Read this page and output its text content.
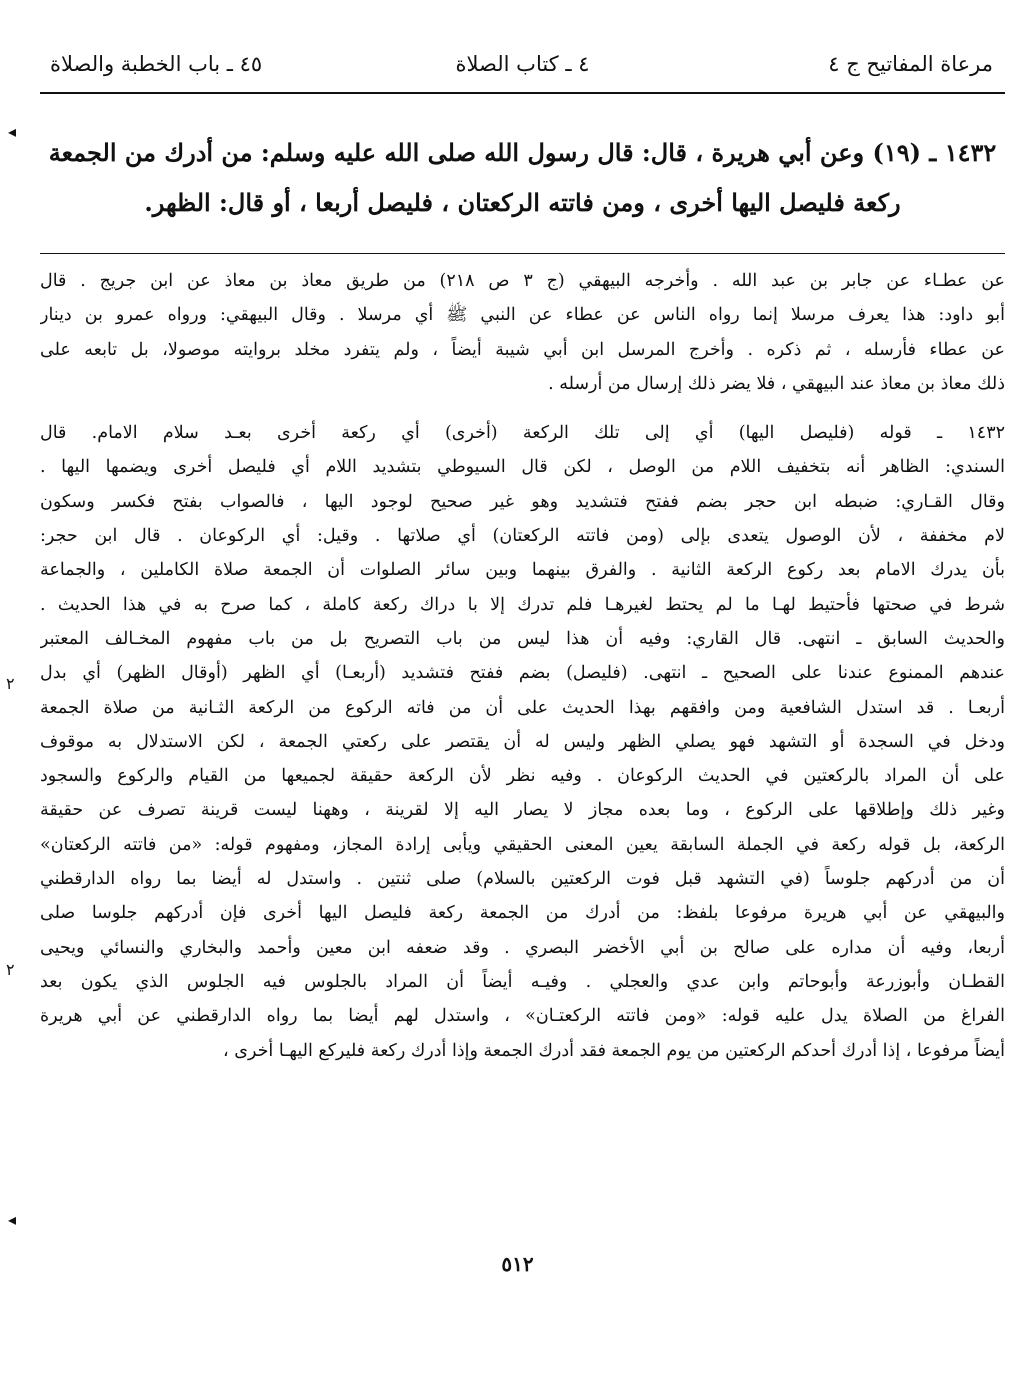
مرعاة المفاتيح ج ٤
٤ ـ كتاب الصلاة
٤٥ ـ باب الخطبة والصلاة
١٤٣٢ ـ (١٩) وعن أبي هريرة ، قال: قال رسول الله صلى الله عليه وسلم: من أدرك من الجمعة
ركعة فليصل اليها أخرى ، ومن فاتته الركعتان ، فليصل أربعا ، أو قال: الظهر.
عن عطـاء عن جابر بن عبد الله . وأخرجه البيهقي (ج ٣ ص ٢١٨) من طريق معاذ بن معاذ عن ابن جريج . قال
أبو داود: هذا يعرف مرسلا إنما رواه الناس عن عطاء عن النبي ﷺ أي مرسلا . وقال البيهقي: ورواه عمرو بن دينار
عن عطاء فأرسله ، ثم ذكره . وأخرج المرسل ابن أبي شيبة أيضاً ، ولم يتفرد مخلد بروايته موصولا، بل تابعه على
ذلك معاذ بن معاذ عند البيهقي ، فلا يضر ذلك إرسال من أرسله .
١٤٣٢ ـ قوله (فليصل اليها) أي إلى تلك الركعة (أخرى) أي ركعة أخرى بعـد سلام الامام. قال
السندي: الظاهر أنه بتخفيف اللام من الوصل ، لكن قال السيوطي بتشديد اللام أي فليصل أخرى ويضمها اليها .
وقال القـاري: ضبطه ابن حجر بضم ففتح فتشديد وهو غير صحيح لوجود اليها ، فالصواب بفتح فكسر وسكون
لام مخففة ، لأن الوصول يتعدى بإلى (ومن فاتته الركعتان) أي صلاتها . وقيل: أي الركوعان . قال ابن حجر:
بأن يدرك الامام بعد ركوع الركعة الثانية . والفرق بينهما وبين سائر الصلوات أن الجمعة صلاة الكاملين ، والجماعة
شرط في صحتها فأحتيط لهـا ما لم يحتط لغيرهـا فلم تدرك إلا با دراك ركعة كاملة ، كما صرح به في هذا الحديث .
والحديث السابق ـ انتهى. قال القاري: وفيه أن هذا ليس من باب التصريح بل من باب مفهوم المخـالف المعتبر
عندهم الممنوع عندنا على الصحيح ـ انتهى. (فليصل) بضم ففتح فتشديد (أربعـا) أي الظهر (أوقال الظهر) أي بدل
أربعـا . قد استدل الشافعية ومن وافقهم بهذا الحديث على أن من فاته الركوع من الركعة الثـانية من صلاة الجمعة
ودخل في السجدة أو التشهد فهو يصلي الظهر وليس له أن يقتصر على ركعتي الجمعة ، لكن الاستدلال به موقوف
على أن المراد بالركعتين في الحديث الركوعان . وفيه نظر لأن الركعة حقيقة لجميعها من القيام والركوع والسجود
وغير ذلك وإطلاقها على الركوع ، وما بعده مجاز لا يصار اليه إلا لقرينة ، وههنا ليست قرينة تصرف عن حقيقة
الركعة، بل قوله ركعة في الجملة السابقة يعين المعنى الحقيقي ويأبى إرادة المجاز، ومفهوم قوله: «من فاتته الركعتان»
أن من أدركهم جلوساً (في التشهد قبل فوت الركعتين بالسلام) صلى ثنتين . واستدل له أيضا بما رواه الدارقطني
والبيهقي عن أبي هريرة مرفوعا بلفظ: من أدرك من الجمعة ركعة فليصل اليها أخرى فإن أدركهم جلوسا صلى
أربعا، وفيه أن مداره على صالح بن أبي الأخضر البصري . وقد ضعفه ابن معين وأحمد والبخاري والنسائي ويحيى
القطـان وأبوزرعة وأبوحاتم وابن عدي والعجلي . وفيـه أيضاً أن المراد بالجلوس فيه الجلوس الذي يكون بعد
الفراغ من الصلاة يدل عليه قوله: «ومن فاتته الركعتـان» ، واستدل لهم أيضا بما رواه الدارقطني عن أبي هريرة
أيضاً مرفوعا ، إذا أدرك أحدكم الركعتين من يوم الجمعة فقد أدرك الجمعة وإذا أدرك ركعة فليركع اليهـا أخرى ،
٥١٢
٢
٢
◂
◂
